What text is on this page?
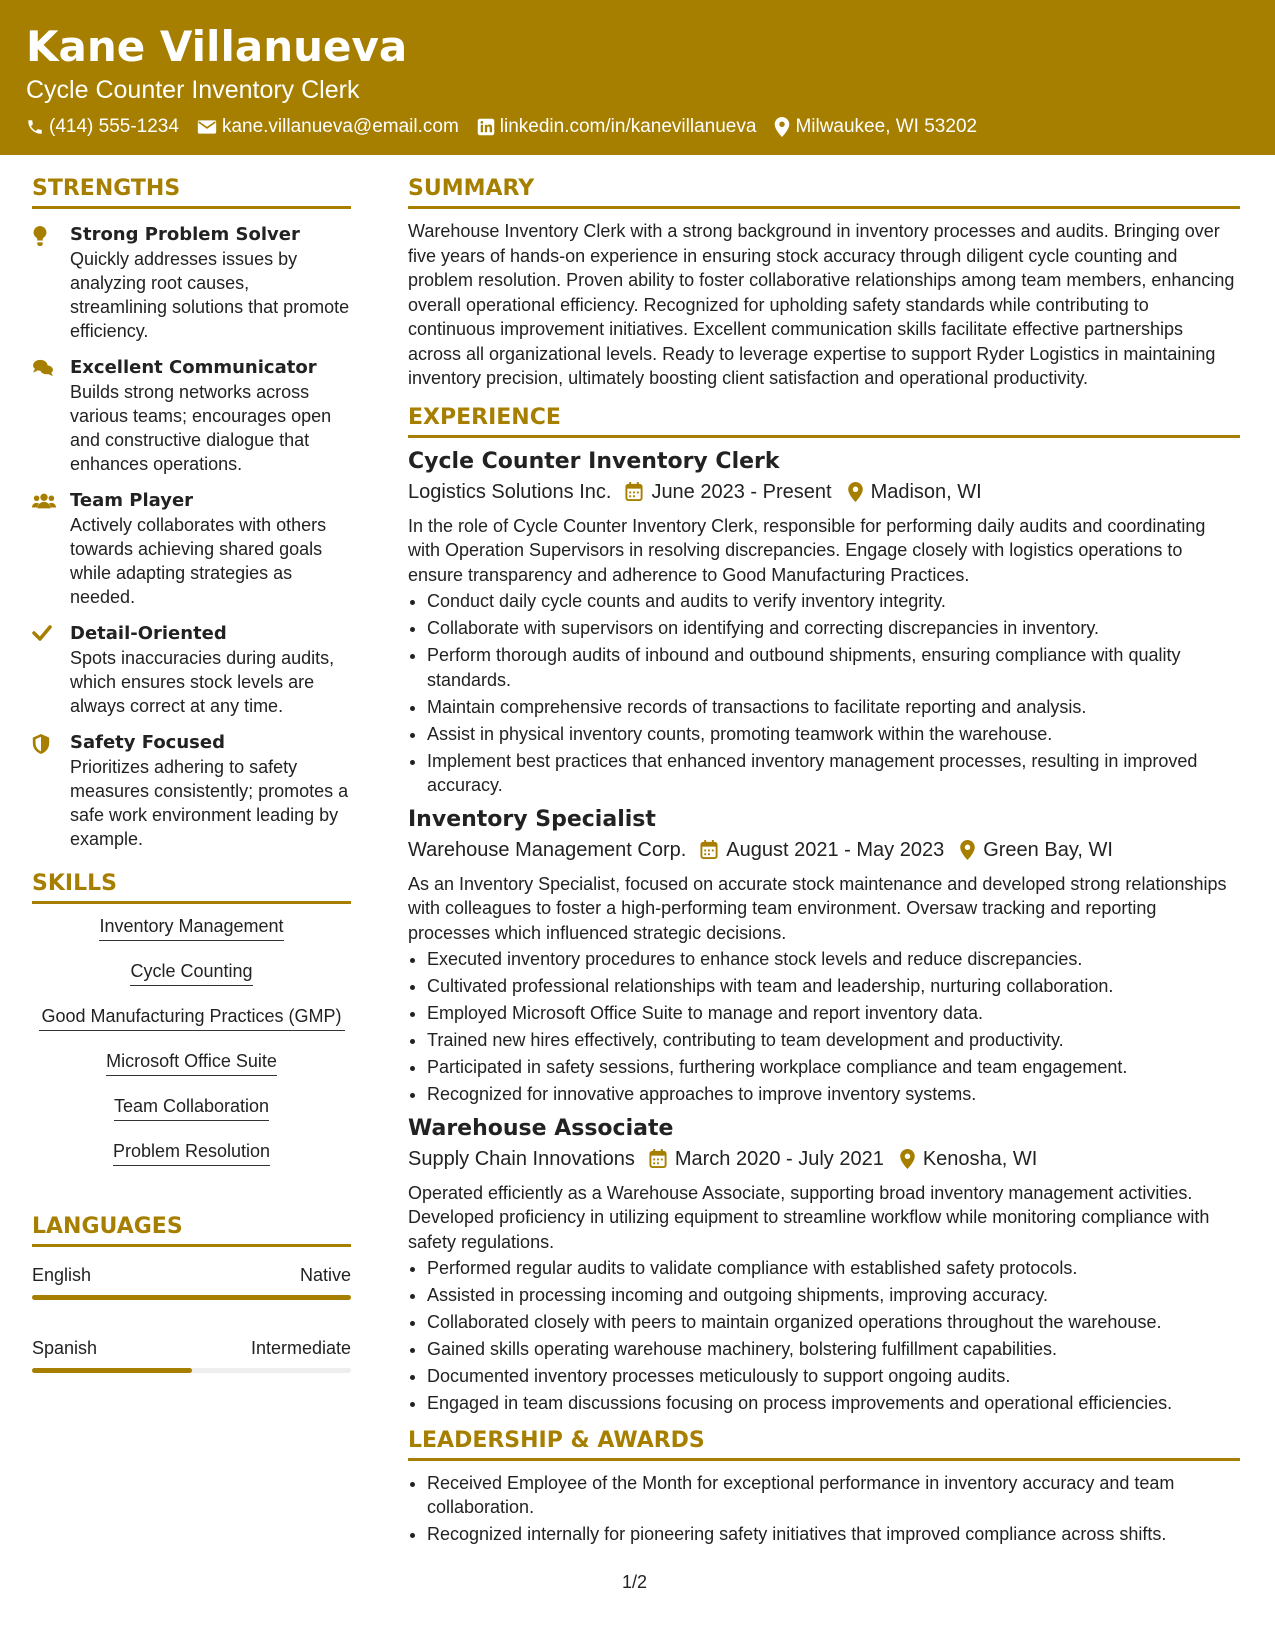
Kane Villanueva
Cycle Counter Inventory Clerk
(414) 555-1234 kane.villanueva@email.com linkedin.com/in/kanevillanueva Milwaukee, WI 53202
STRENGTHS
Strong Problem Solver
Quickly addresses issues by analyzing root causes, streamlining solutions that promote efficiency.
Excellent Communicator
Builds strong networks across various teams; encourages open and constructive dialogue that enhances operations.
Team Player
Actively collaborates with others towards achieving shared goals while adapting strategies as needed.
Detail-Oriented
Spots inaccuracies during audits, which ensures stock levels are always correct at any time.
Safety Focused
Prioritizes adhering to safety measures consistently; promotes a safe work environment leading by example.
SKILLS
Inventory Management
Cycle Counting
Good Manufacturing Practices (GMP)
Microsoft Office Suite
Team Collaboration
Problem Resolution
LANGUAGES
English	Native
Spanish	Intermediate
SUMMARY
Warehouse Inventory Clerk with a strong background in inventory processes and audits. Bringing over five years of hands-on experience in ensuring stock accuracy through diligent cycle counting and problem resolution. Proven ability to foster collaborative relationships among team members, enhancing overall operational efficiency. Recognized for upholding safety standards while contributing to continuous improvement initiatives. Excellent communication skills facilitate effective partnerships across all organizational levels. Ready to leverage expertise to support Ryder Logistics in maintaining inventory precision, ultimately boosting client satisfaction and operational productivity.
EXPERIENCE
Cycle Counter Inventory Clerk
Logistics Solutions Inc. June 2023 - Present Madison, WI
In the role of Cycle Counter Inventory Clerk, responsible for performing daily audits and coordinating with Operation Supervisors in resolving discrepancies. Engage closely with logistics operations to ensure transparency and adherence to Good Manufacturing Practices.
• Conduct daily cycle counts and audits to verify inventory integrity.
• Collaborate with supervisors on identifying and correcting discrepancies in inventory.
• Perform thorough audits of inbound and outbound shipments, ensuring compliance with quality standards.
• Maintain comprehensive records of transactions to facilitate reporting and analysis.
• Assist in physical inventory counts, promoting teamwork within the warehouse.
• Implement best practices that enhanced inventory management processes, resulting in improved accuracy.
Inventory Specialist
Warehouse Management Corp. August 2021 - May 2023 Green Bay, WI
As an Inventory Specialist, focused on accurate stock maintenance and developed strong relationships with colleagues to foster a high-performing team environment. Oversaw tracking and reporting processes which influenced strategic decisions.
• Executed inventory procedures to enhance stock levels and reduce discrepancies.
• Cultivated professional relationships with team and leadership, nurturing collaboration.
• Employed Microsoft Office Suite to manage and report inventory data.
• Trained new hires effectively, contributing to team development and productivity.
• Participated in safety sessions, furthering workplace compliance and team engagement.
• Recognized for innovative approaches to improve inventory systems.
Warehouse Associate
Supply Chain Innovations March 2020 - July 2021 Kenosha, WI
Operated efficiently as a Warehouse Associate, supporting broad inventory management activities. Developed proficiency in utilizing equipment to streamline workflow while monitoring compliance with safety regulations.
• Performed regular audits to validate compliance with established safety protocols.
• Assisted in processing incoming and outgoing shipments, improving accuracy.
• Collaborated closely with peers to maintain organized operations throughout the warehouse.
• Gained skills operating warehouse machinery, bolstering fulfillment capabilities.
• Documented inventory processes meticulously to support ongoing audits.
• Engaged in team discussions focusing on process improvements and operational efficiencies.
LEADERSHIP & AWARDS
• Received Employee of the Month for exceptional performance in inventory accuracy and team collaboration.
• Recognized internally for pioneering safety initiatives that improved compliance across shifts.
1/2
